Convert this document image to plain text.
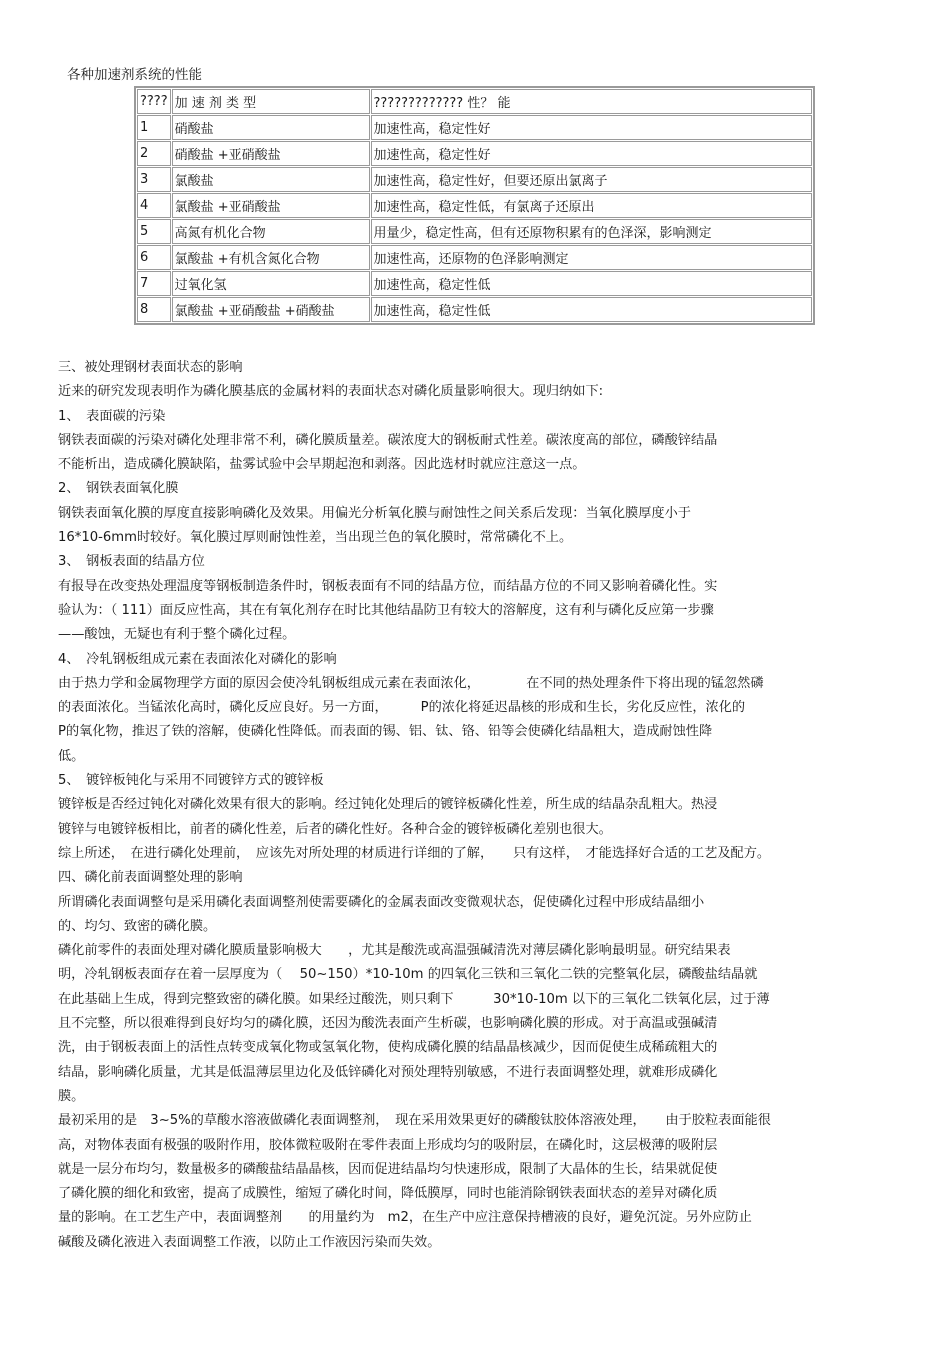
各种加速剂系统的性能
????	加 速 剂 类 型	????????????? 性？ 能
1	硝酸盐	加速性高，稳定性好
2	硝酸盐 +亚硝酸盐	加速性高，稳定性好
3	氯酸盐	加速性高，稳定性好，但要还原出氯离子
4	氯酸盐 +亚硝酸盐	加速性高，稳定性低，有氯离子还原出
5	高氮有机化合物	用量少，稳定性高，但有还原物积累有的色泽深，影响测定
6	氯酸盐 +有机含氮化合物	加速性高，还原物的色泽影响测定
7	过氧化氢	加速性高，稳定性低
8	氯酸盐 +亚硝酸盐 +硝酸盐	加速性高，稳定性低
三、被处理钢材表面状态的影响
近来的研究发现表明作为磷化膜基底的金属材料的表面状态对磷化质量影响很大。现归纳如下:
1、　表面碳的污染
钢铁表面碳的污染对磷化处理非常不利，磷化膜质量差。碳浓度大的钢板耐式性差。碳浓度高的部位，磷酸锌结晶
不能析出，造成磷化膜缺陷，盐雾试验中会早期起泡和剥落。因此选材时就应注意这一点。
2、　钢铁表面氧化膜
钢铁表面氧化膜的厚度直接影响磷化及效果。用偏光分析氧化膜与耐蚀性之间关系后发现：当氧化膜厚度小于
16*10-6mm时较好。氧化膜过厚则耐蚀性差，当出现兰色的氧化膜时，常常磷化不上。
3、　钢板表面的结晶方位
有报导在改变热处理温度等钢板制造条件时，钢板表面有不同的结晶方位，而结晶方位的不同又影响着磷化性。实
验认为：（ 111）面反应性高，其在有氧化剂存在时比其他结晶防卫有较大的溶解度，这有利与磷化反应第一步骤
——酸蚀，无疑也有利于整个磷化过程。
4、　冷轧钢板组成元素在表面浓化对磷化的影响
由于热力学和金属物理学方面的原因会使冷轧钢板组成元素在表面浓化，　　　　在不同的热处理条件下将出现的锰忽然磷
的表面浓化。当锰浓化高时，磷化反应良好。另一方面，　　　P的浓化将延迟晶核的形成和生长，劣化反应性，浓化的
P的氧化物，推迟了铁的溶解，使磷化性降低。而表面的锡、铝、钛、铬、铅等会使磷化结晶粗大，造成耐蚀性降
低。
5、　镀锌板钝化与采用不同镀锌方式的镀锌板
镀锌板是否经过钝化对磷化效果有很大的影响。经过钝化处理后的镀锌板磷化性差，所生成的结晶杂乱粗大。热浸
镀锌与电镀锌板相比，前者的磷化性差，后者的磷化性好。各种合金的镀锌板磷化差别也很大。
综上所述，　在进行磷化处理前，　应该先对所处理的材质进行详细的了解，　　只有这样，　才能选择好合适的工艺及配方。
四、磷化前表面调整处理的影响
所谓磷化表面调整句是采用磷化表面调整剂使需要磷化的金属表面改变微观状态，促使磷化过程中形成结晶细小
的、均匀、致密的磷化膜。
磷化前零件的表面处理对磷化膜质量影响极大　　，尤其是酸洗或高温强碱清洗对薄层磷化影响最明显。研究结果表
明，冷轧钢板表面存在着一层厚度为（　 50~150）*10-10m 的四氧化三铁和三氧化二铁的完整氧化层，磷酸盐结晶就
在此基础上生成，得到完整致密的磷化膜。如果经过酸洗，则只剩下　　　30*10-10m 以下的三氧化二铁氧化层，过于薄
且不完整，所以很难得到良好均匀的磷化膜，还因为酸洗表面产生析碳，也影响磷化膜的形成。对于高温或强碱清
洗，由于钢板表面上的活性点转变成氧化物或氢氧化物，使构成磷化膜的结晶晶核减少，因而促使生成稀疏粗大的
结晶，影响磷化质量，尤其是低温薄层里边化及低锌磷化对预处理特别敏感，不进行表面调整处理，就难形成磷化
膜。
最初采用的是　3~5%的草酸水溶液做磷化表面调整剂，　现在采用效果更好的磷酸钛胶体溶液处理，　　由于胶粒表面能很
高，对物体表面有极强的吸附作用，胶体微粒吸附在零件表面上形成均匀的吸附层，在磷化时，这层极薄的吸附层
就是一层分布均匀，数量极多的磷酸盐结晶晶核，因而促进结晶均匀快速形成，限制了大晶体的生长，结果就促使
了磷化膜的细化和致密，提高了成膜性，缩短了磷化时间，降低膜厚，同时也能消除钢铁表面状态的差异对磷化质
量的影响。在工艺生产中，表面调整剂　　的用量约为　m2，在生产中应注意保持槽液的良好，避免沉淀。另外应防止
碱酸及磷化液进入表面调整工作液，以防止工作液因污染而失效。
